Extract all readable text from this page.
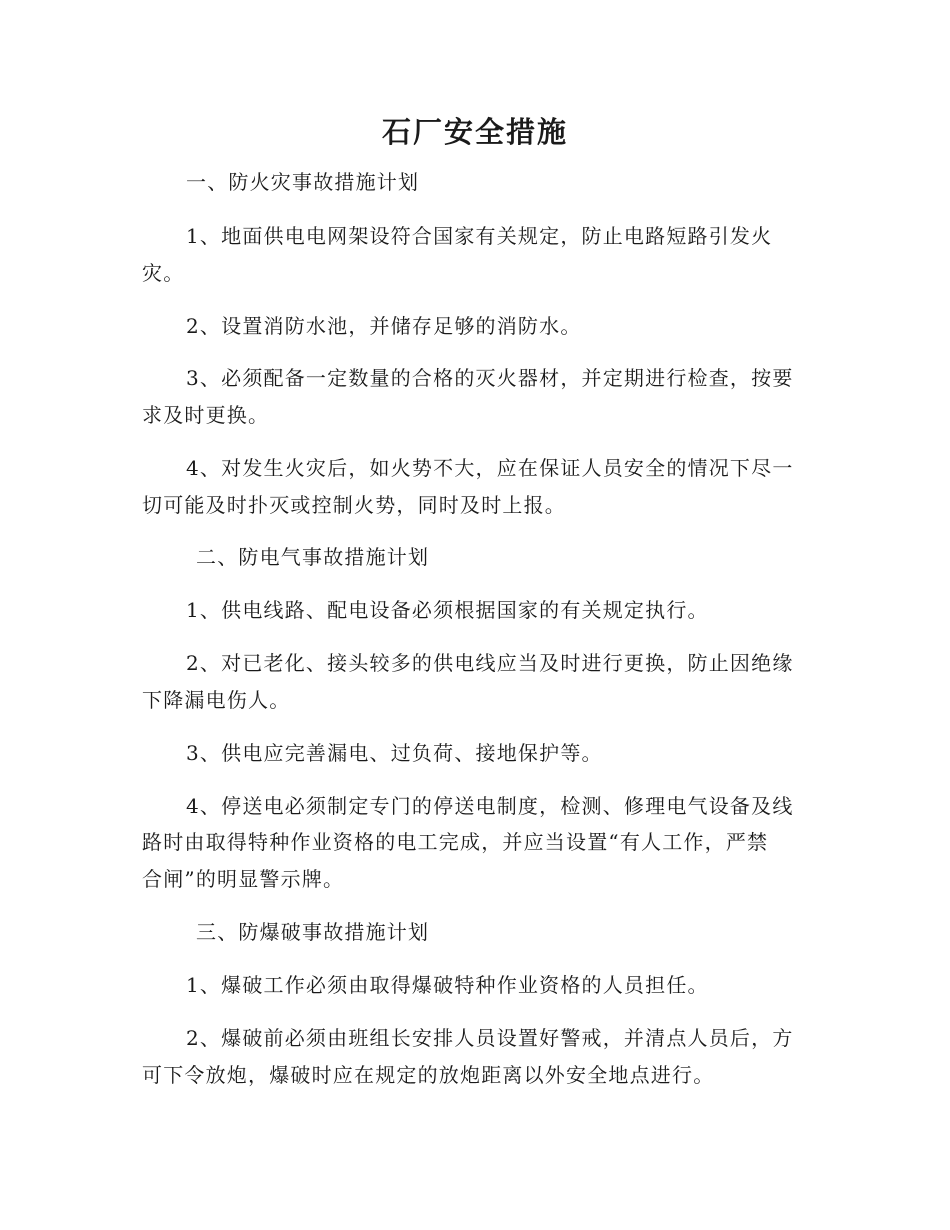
石厂安全措施
一、防火灾事故措施计划
1、地面供电电网架设符合国家有关规定，防止电路短路引发火
灾。
2、设置消防水池，并储存足够的消防水。
3、必须配备一定数量的合格的灭火器材，并定期进行检查，按要
求及时更换。
4、对发生火灾后，如火势不大，应在保证人员安全的情况下尽一
切可能及时扑灭或控制火势，同时及时上报。
二、防电气事故措施计划
1、供电线路、配电设备必须根据国家的有关规定执行。
2、对已老化、接头较多的供电线应当及时进行更换，防止因绝缘
下降漏电伤人。
3、供电应完善漏电、过负荷、接地保护等。
4、停送电必须制定专门的停送电制度，检测、修理电气设备及线
路时由取得特种作业资格的电工完成，并应当设置“有人工作，严禁
合闸”的明显警示牌。
三、防爆破事故措施计划
1、爆破工作必须由取得爆破特种作业资格的人员担任。
2、爆破前必须由班组长安排人员设置好警戒，并清点人员后，方
可下令放炮，爆破时应在规定的放炮距离以外安全地点进行。
